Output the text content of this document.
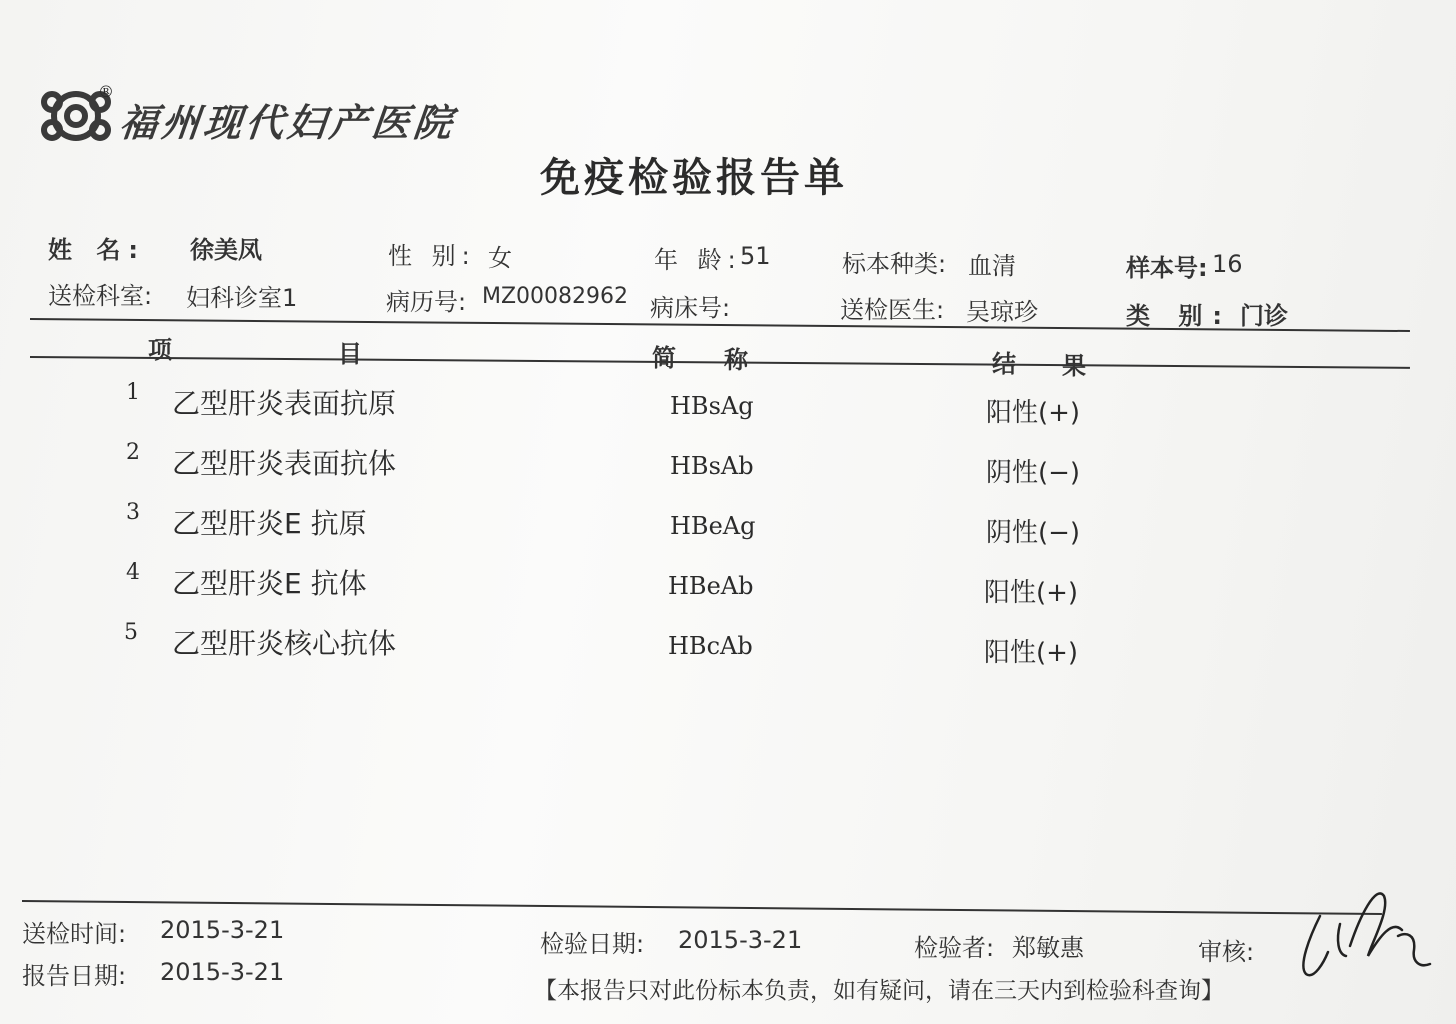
®
福州现代妇产医院
免疫检验报告单
姓 名: 徐美凤	性 别: 女	年 龄:
51	标本种类: 血清	样本号: 16
送检科室: 妇科诊室1	病历号: MZ00082962 病床号:	送检医生: 吴琼珍	类 别: 门诊
项	目	简 称	结 果
1 乙型肝炎表面抗原	HBsAg	阳性(+)
2 乙型肝炎表面抗体	HBsAb	阴性(−)
3 乙型肝炎E 抗原	HBeAg	阴性(−)
4 乙型肝炎E 抗体	HBeAb	阳性(+)
5 乙型肝炎核心抗体	HBcAb	阳性(+)
送检时间: 2015-3-21
报告日期: 2015-3-21
检验日期: 2015-3-21	检验者: 郑敏惠	审核:
【本报告只对此份标本负责，如有疑问，请在三天内到检验科查询】
